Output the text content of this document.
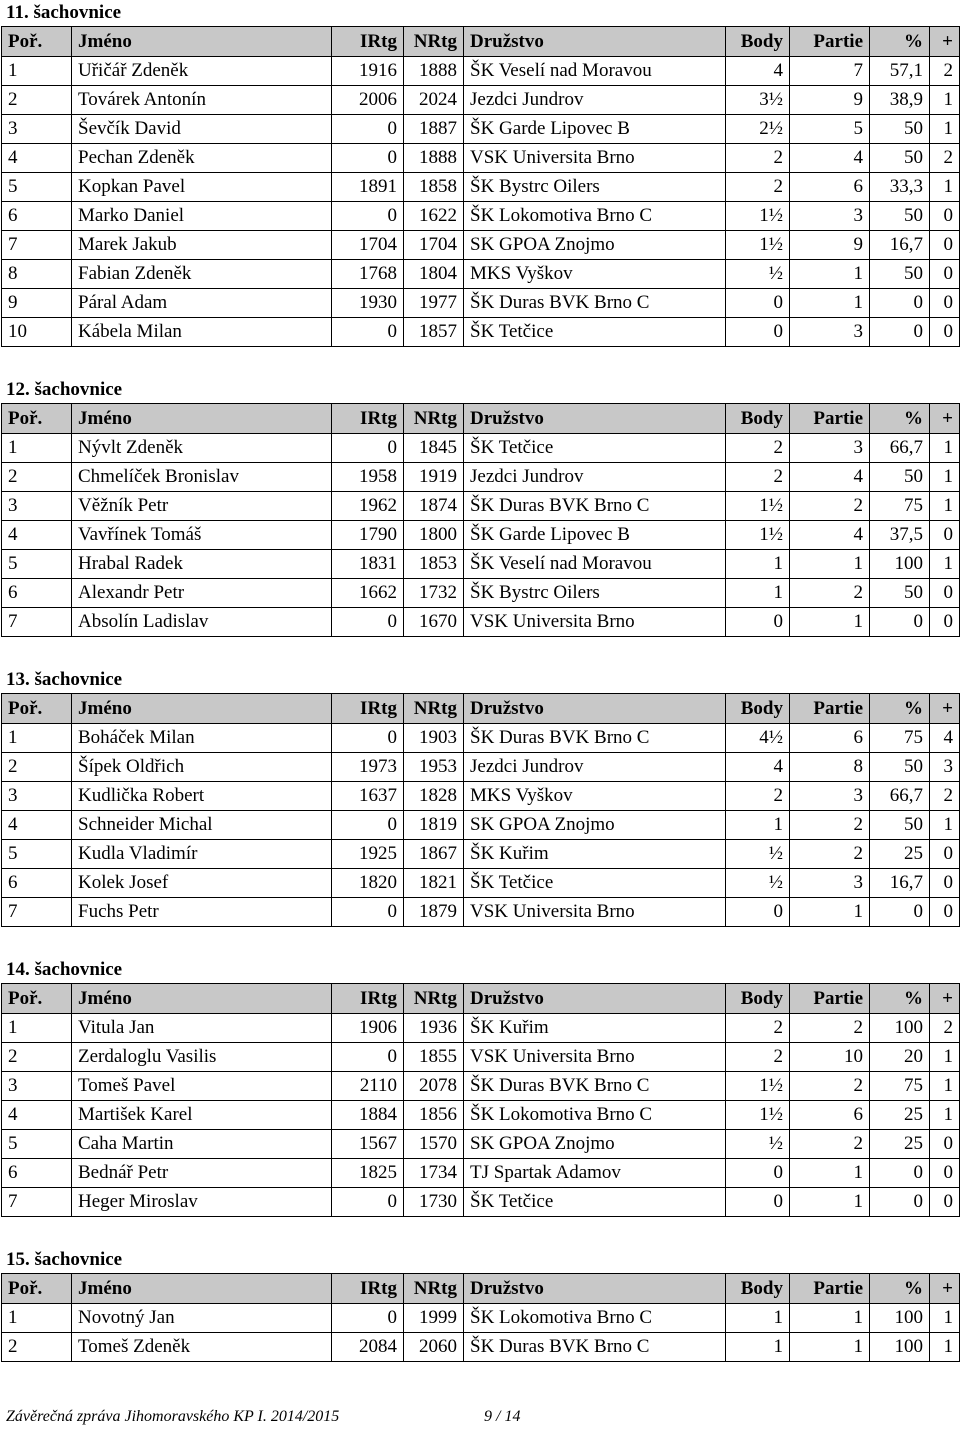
11. šachovnice
Poř.	Jméno	IRtg	NRtg	Družstvo	Body	Partie	%	+
1	Uřičář Zdeněk	1916	1888	ŠK Veselí nad Moravou	4	7	57,1	2
2	Továrek Antonín	2006	2024	Jezdci Jundrov	3½	9	38,9	1
3	Ševčík David	0	1887	ŠK Garde Lipovec B	2½	5	50	1
4	Pechan Zdeněk	0	1888	VSK Universita Brno	2	4	50	2
5	Kopkan Pavel	1891	1858	ŠK Bystrc Oilers	2	6	33,3	1
6	Marko Daniel	0	1622	ŠK Lokomotiva Brno C	1½	3	50	0
7	Marek Jakub	1704	1704	SK GPOA Znojmo	1½	9	16,7	0
8	Fabian Zdeněk	1768	1804	MKS Vyškov	½	1	50	0
9	Páral Adam	1930	1977	ŠK Duras BVK Brno C	0	1	0	0
10	Kábela Milan	0	1857	ŠK Tetčice	0	3	0	0
12. šachovnice
Poř.	Jméno	IRtg	NRtg	Družstvo	Body	Partie	%	+
1	Nývlt Zdeněk	0	1845	ŠK Tetčice	2	3	66,7	1
2	Chmelíček Bronislav	1958	1919	Jezdci Jundrov	2	4	50	1
3	Věžník Petr	1962	1874	ŠK Duras BVK Brno C	1½	2	75	1
4	Vavřínek Tomáš	1790	1800	ŠK Garde Lipovec B	1½	4	37,5	0
5	Hrabal Radek	1831	1853	ŠK Veselí nad Moravou	1	1	100	1
6	Alexandr Petr	1662	1732	ŠK Bystrc Oilers	1	2	50	0
7	Absolín Ladislav	0	1670	VSK Universita Brno	0	1	0	0
13. šachovnice
Poř.	Jméno	IRtg	NRtg	Družstvo	Body	Partie	%	+
1	Boháček Milan	0	1903	ŠK Duras BVK Brno C	4½	6	75	4
2	Šípek Oldřich	1973	1953	Jezdci Jundrov	4	8	50	3
3	Kudlička Robert	1637	1828	MKS Vyškov	2	3	66,7	2
4	Schneider Michal	0	1819	SK GPOA Znojmo	1	2	50	1
5	Kudla Vladimír	1925	1867	ŠK Kuřim	½	2	25	0
6	Kolek Josef	1820	1821	ŠK Tetčice	½	3	16,7	0
7	Fuchs Petr	0	1879	VSK Universita Brno	0	1	0	0
14. šachovnice
Poř.	Jméno	IRtg	NRtg	Družstvo	Body	Partie	%	+
1	Vitula Jan	1906	1936	ŠK Kuřim	2	2	100	2
2	Zerdaloglu Vasilis	0	1855	VSK Universita Brno	2	10	20	1
3	Tomeš Pavel	2110	2078	ŠK Duras BVK Brno C	1½	2	75	1
4	Martišek Karel	1884	1856	ŠK Lokomotiva Brno C	1½	6	25	1
5	Caha Martin	1567	1570	SK GPOA Znojmo	½	2	25	0
6	Bednář Petr	1825	1734	TJ Spartak Adamov	0	1	0	0
7	Heger Miroslav	0	1730	ŠK Tetčice	0	1	0	0
15. šachovnice
Poř.	Jméno	IRtg	NRtg	Družstvo	Body	Partie	%	+
1	Novotný Jan	0	1999	ŠK Lokomotiva Brno C	1	1	100	1
2	Tomeš Zdeněk	2084	2060	ŠK Duras BVK Brno C	1	1	100	1
Závěrečná zpráva Jihomoravského KP I. 2014/2015	9 / 14
